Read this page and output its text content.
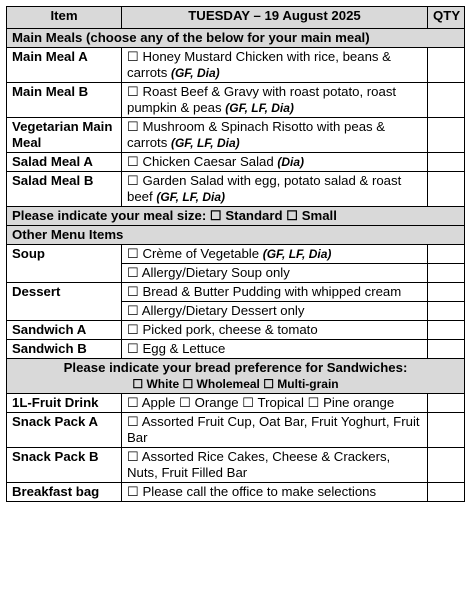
Item	TUESDAY – 19 August 2025	QTY
Main Meals (choose any of the below for your main meal)		
Main Meal A	☐ Honey Mustard Chicken with rice, beans & carrots (GF, Dia)	
Main Meal B	☐ Roast Beef & Gravy with roast potato, roast pumpkin & peas (GF, LF, Dia)	
Vegetarian Main Meal	☐ Mushroom & Spinach Risotto with peas & carrots (GF, LF, Dia)	
Salad Meal A	☐ Chicken Caesar Salad (Dia)	
Salad Meal B	☐ Garden Salad with egg, potato salad & roast beef (GF, LF, Dia)	
Please indicate your meal size: ☐ Standard ☐ Small		
Other Menu Items		
Soup	☐ Crème of Vegetable (GF, LF, Dia)	
	☐ Allergy/Dietary Soup only	
Dessert	☐ Bread & Butter Pudding with whipped cream	
	☐ Allergy/Dietary Dessert only	
Sandwich A	☐ Picked pork, cheese & tomato	
Sandwich B	☐ Egg & Lettuce	

Please indicate your bread preference for Sandwiches:
☐ White ☐ Wholemeal ☐ Multi-grain		

1L-Fruit Drink	☐ Apple ☐ Orange ☐ Tropical ☐ Pine orange	
Snack Pack A	☐ Assorted Fruit Cup, Oat Bar, Fruit Yoghurt, Fruit Bar	
Snack Pack B	☐ Assorted Rice Cakes, Cheese & Crackers, Nuts, Fruit Filled Bar	
Breakfast bag	☐ Please call the office to make selections	
